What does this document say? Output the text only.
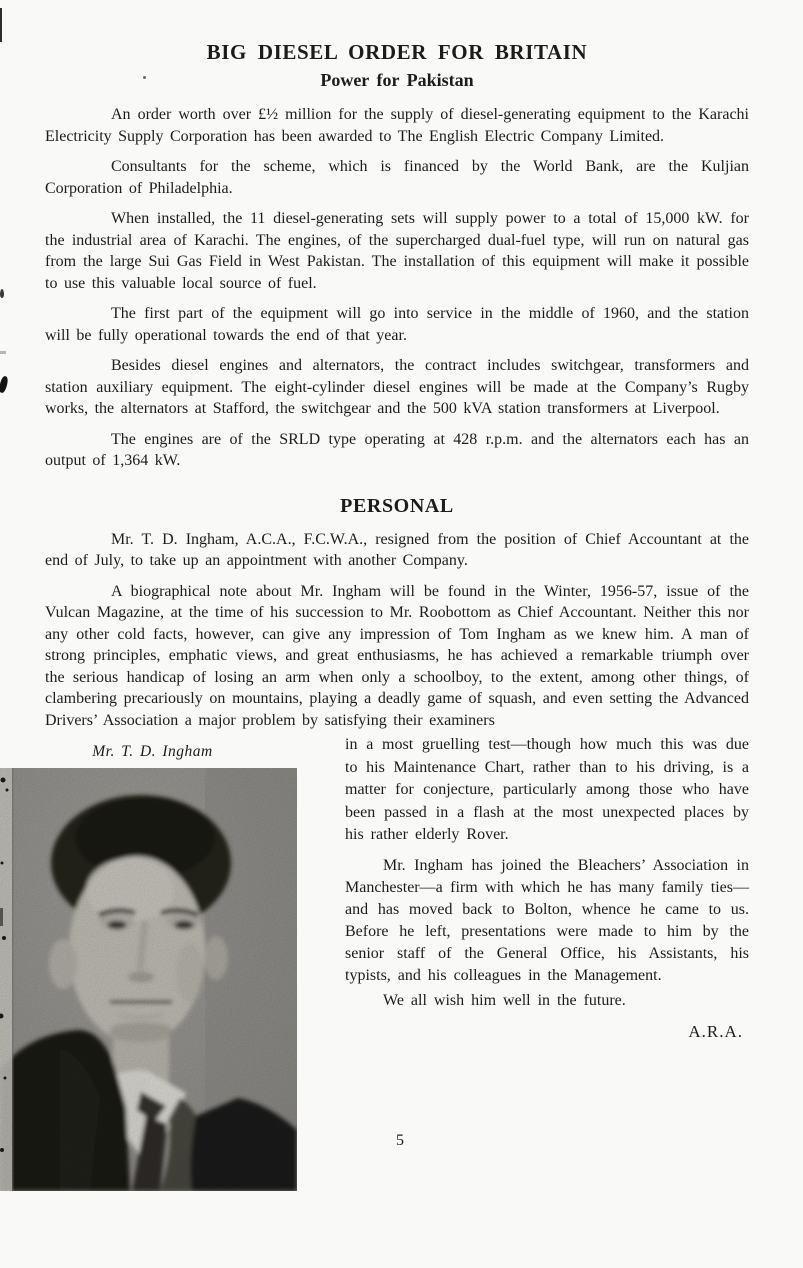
BIG DIESEL ORDER FOR BRITAIN
Power for Pakistan

An order worth over £½ million for the supply of diesel-generating equipment to the Karachi Electricity Supply Corporation has been awarded to The English Electric Company Limited.

Consultants for the scheme, which is financed by the World Bank, are the Kuljian Corporation of Philadelphia.

When installed, the 11 diesel-generating sets will supply power to a total of 15,000 kW. for the industrial area of Karachi. The engines, of the supercharged dual-fuel type, will run on natural gas from the large Sui Gas Field in West Pakistan. The installation of this equipment will make it possible to use this valuable local source of fuel.

The first part of the equipment will go into service in the middle of 1960, and the station will be fully operational towards the end of that year.

Besides diesel engines and alternators, the contract includes switchgear, transformers and station auxiliary equipment. The eight-cylinder diesel engines will be made at the Company’s Rugby works, the alternators at Stafford, the switchgear and the 500 kVA station transformers at Liverpool.

The engines are of the SRLD type operating at 428 r.p.m. and the alternators each has an output of 1,364 kW.

PERSONAL

Mr. T. D. Ingham, A.C.A., F.C.W.A., resigned from the position of Chief Accountant at the end of July, to take up an appointment with another Company.

A biographical note about Mr. Ingham will be found in the Winter, 1956-57, issue of the Vulcan Magazine, at the time of his succession to Mr. Roobottom as Chief Accountant. Neither this nor any other cold facts, however, can give any impression of Tom Ingham as we knew him. A man of strong principles, emphatic views, and great enthusiasms, he has achieved a remarkable triumph over the serious handicap of losing an arm when only a schoolboy, to the extent, among other things, of clambering precariously on mountains, playing a deadly game of squash, and even setting the Advanced Drivers’ Association a major problem by satisfying their examiners

Mr. T. D. Ingham	in a most gruelling test—though how much this was due to his Maintenance Chart, rather than to his driving, is a matter for conjecture, particularly among those who have been passed in a flash at the most unexpected places by his rather elderly Rover.

Mr. Ingham has joined the Bleachers’ Association in Manchester—a firm with which he has many family ties—and has moved back to Bolton, whence he came to us. Before he left, presentations were made to him by the senior staff of the General Office, his Assistants, his typists, and his colleagues in the Management.

We all wish him well in the future.

A.R.A.

5
